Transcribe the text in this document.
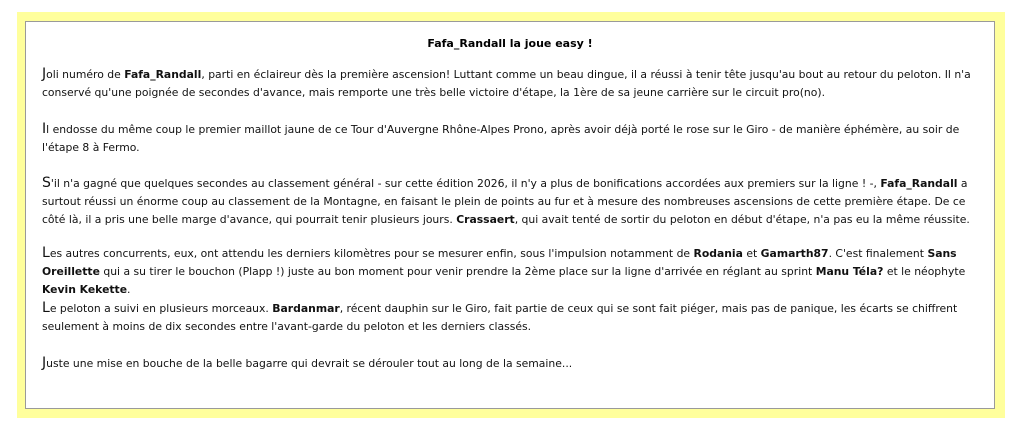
Fafa_Randall la joue easy !
Joli numéro de Fafa_Randall, parti en éclaireur dès la première ascension! Luttant comme un beau dingue, il a réussi à tenir tête jusqu'au bout au retour du peloton. Il n'a conservé qu'une poignée de secondes d'avance, mais remporte une très belle victoire d'étape, la 1ère de sa jeune carrière sur le circuit pro(no).
Il endosse du même coup le premier maillot jaune de ce Tour d'Auvergne Rhône-Alpes Prono, après avoir déjà porté le rose sur le Giro - de manière éphémère, au soir de l'étape 8 à Fermo.
S'il n'a gagné que quelques secondes au classement général - sur cette édition 2026, il n'y a plus de bonifications accordées aux premiers sur la ligne ! -, Fafa_Randall a surtout réussi un énorme coup au classement de la Montagne, en faisant le plein de points au fur et à mesure des nombreuses ascensions de cette première étape. De ce côté là, il a pris une belle marge d'avance, qui pourrait tenir plusieurs jours. Crassaert, qui avait tenté de sortir du peloton en début d'étape, n'a pas eu la même réussite.
Les autres concurrents, eux, ont attendu les derniers kilomètres pour se mesurer enfin, sous l'impulsion notamment de Rodania et Gamarth87. C'est finalement Sans Oreillette qui a su tirer le bouchon (Plapp !) juste au bon moment pour venir prendre la 2ème place sur la ligne d'arrivée en réglant au sprint Manu Téla? et le néophyte Kevin Kekette.
Le peloton a suivi en plusieurs morceaux. Bardanmar, récent dauphin sur le Giro, fait partie de ceux qui se sont fait piéger, mais pas de panique, les écarts se chiffrent seulement à moins de dix secondes entre l'avant-garde du peloton et les derniers classés.
Juste une mise en bouche de la belle bagarre qui devrait se dérouler tout au long de la semaine...
